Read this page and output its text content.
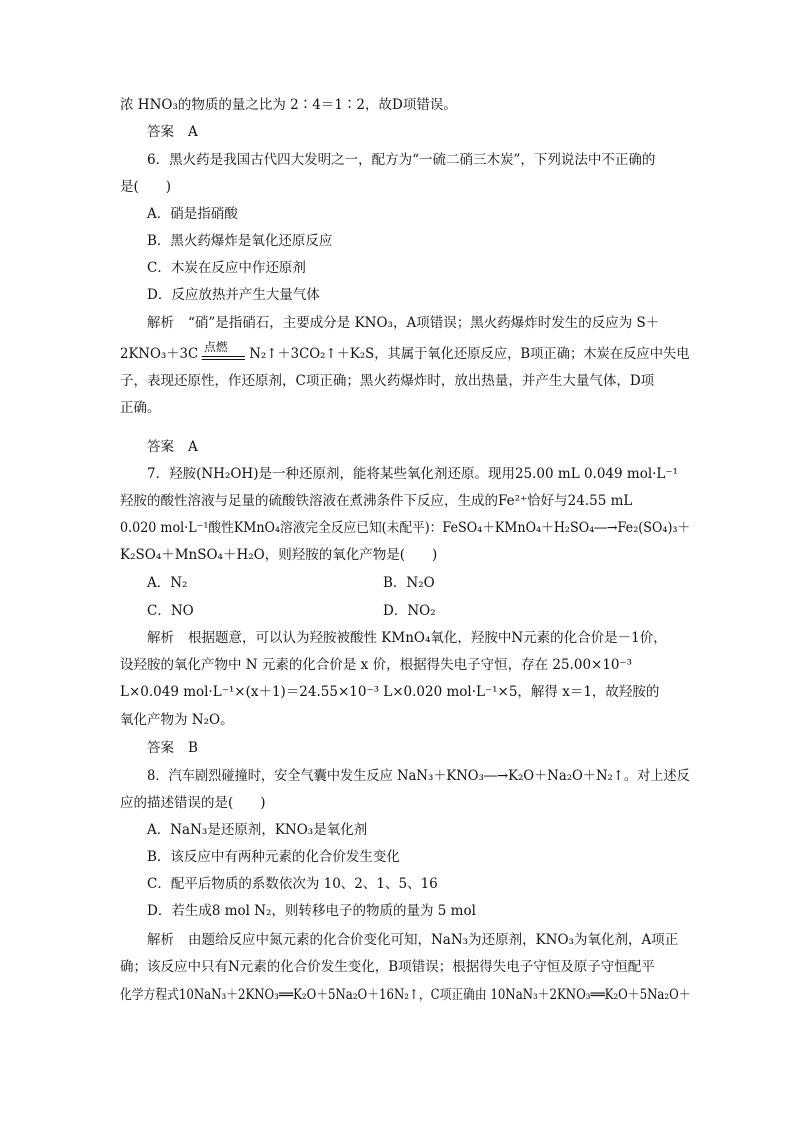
浓 HNO₃的物质的量之比为 2∶4＝1∶2，故D项错误。
答案 A
6．黑火药是我国古代四大发明之一，配方为“一硫二硝三木炭”，下列说法中不正确的
是(　　)
A．硝是指硝酸
B．黑火药爆炸是氧化还原反应
C．木炭在反应中作还原剂
D．反应放热并产生大量气体
解析 “硝”是指硝石，主要成分是 KNO₃，A项错误；黑火药爆炸时发生的反应为 S＋
2KNO₃＋3C 点燃 N₂↑＋3CO₂↑＋K₂S，其属于氧化还原反应，B项正确；木炭在反应中失电
子，表现还原性，作还原剂，C项正确；黑火药爆炸时，放出热量，并产生大量气体，D项
正确。
答案 A
7．羟胺(NH₂OH)是一种还原剂，能将某些氧化剂还原。现用25.00 mL 0.049 mol·L⁻¹
羟胺的酸性溶液与足量的硫酸铁溶液在煮沸条件下反应，生成的Fe²⁺恰好与24.55 mL
0.020 mol·L⁻¹酸性KMnO₄溶液完全反应已知(未配平)：FeSO₄＋KMnO₄＋H₂SO₄―→Fe₂(SO₄)₃＋
K₂SO₄＋MnSO₄＋H₂O，则羟胺的氧化产物是(　　)
A．N₂	B．N₂O
C．NO	D．NO₂
解析 根据题意，可以认为羟胺被酸性 KMnO₄氧化，羟胺中N元素的化合价是－1价，
设羟胺的氧化产物中 N 元素的化合价是 x 价，根据得失电子守恒，存在 25.00×10⁻³
L×0.049 mol·L⁻¹×(x＋1)＝24.55×10⁻³ L×0.020 mol·L⁻¹×5，解得 x＝1，故羟胺的
氧化产物为 N₂O。
答案 B
8．汽车剧烈碰撞时，安全气囊中发生反应 NaN₃＋KNO₃―→K₂O＋Na₂O＋N₂↑。对上述反
应的描述错误的是(　　)
A．NaN₃是还原剂，KNO₃是氧化剂
B．该反应中有两种元素的化合价发生变化
C．配平后物质的系数依次为 10、2、1、5、16
D．若生成8 mol N₂，则转移电子的物质的量为 5 mol
解析 由题给反应中氮元素的化合价变化可知，NaN₃为还原剂，KNO₃为氧化剂，A项正
确；该反应中只有N元素的化合价发生变化，B项错误；根据得失电子守恒及原子守恒配平
化学方程式10NaN₃＋2KNO₃══K₂O＋5Na₂O＋16N₂↑，C项正确由 10NaN₃＋2KNO₃══K₂O＋5Na₂O＋
